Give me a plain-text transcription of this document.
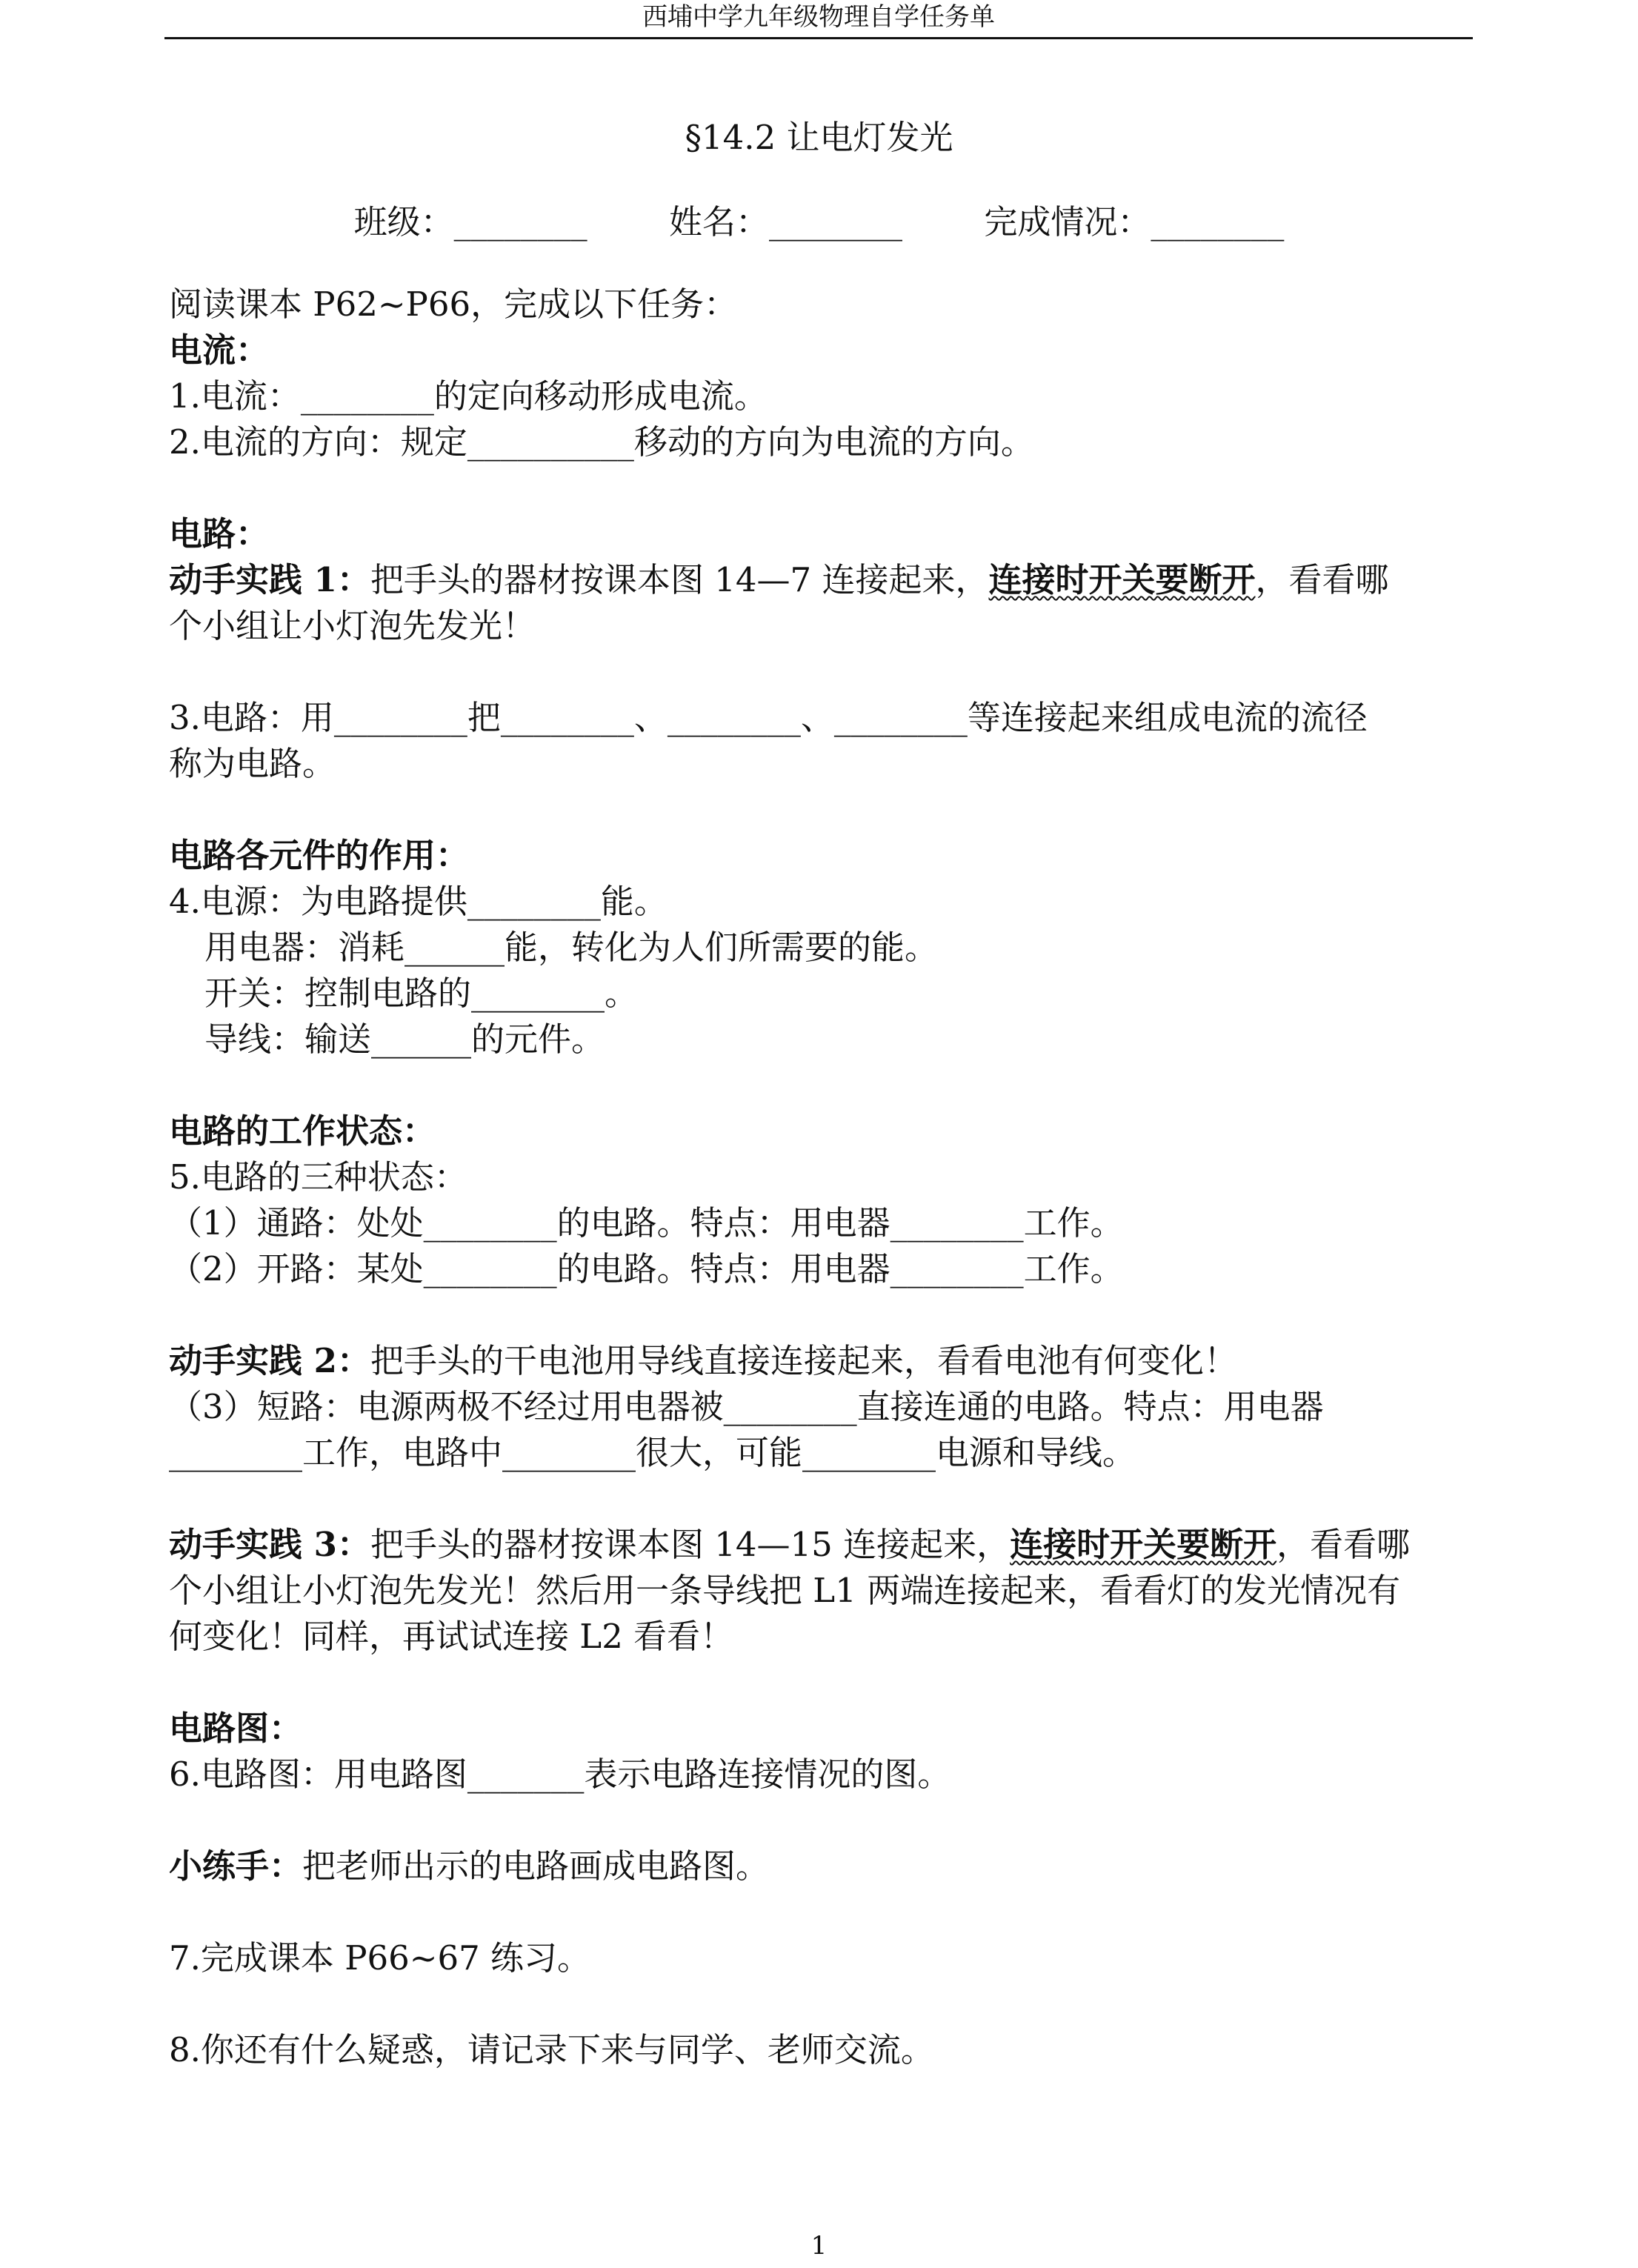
西埔中学九年级物理自学任务单
§14.2 让电灯发光
班级：________ 姓名：________ 完成情况：________
阅读课本 P62~P66，完成以下任务：
电流：
1.电流：________的定向移动形成电流。
2.电流的方向：规定__________移动的方向为电流的方向。
电路：
动手实践 1：把手头的器材按课本图 14—7 连接起来，连接时开关要断开，看看哪
个小组让小灯泡先发光！
3.电路：用________把________、________、________等连接起来组成电流的流径
称为电路。
电路各元件的作用：
4.电源：为电路提供________能。
用电器：消耗______能，转化为人们所需要的能。
开关：控制电路的________。
导线：输送______的元件。
电路的工作状态：
5.电路的三种状态：
（1）通路：处处________的电路。特点：用电器________工作。
（2）开路：某处________的电路。特点：用电器________工作。
动手实践 2：把手头的干电池用导线直接连接起来，看看电池有何变化！
（3）短路：电源两极不经过用电器被________直接连通的电路。特点：用电器
________工作，电路中________很大，可能________电源和导线。
动手实践 3：把手头的器材按课本图 14—15 连接起来，连接时开关要断开，看看哪
个小组让小灯泡先发光！然后用一条导线把 L1 两端连接起来，看看灯的发光情况有
何变化！同样，再试试连接 L2 看看！
电路图：
6.电路图：用电路图_______表示电路连接情况的图。
小练手：把老师出示的电路画成电路图。
7.完成课本 P66~67 练习。
8.你还有什么疑惑，请记录下来与同学、老师交流。
1
